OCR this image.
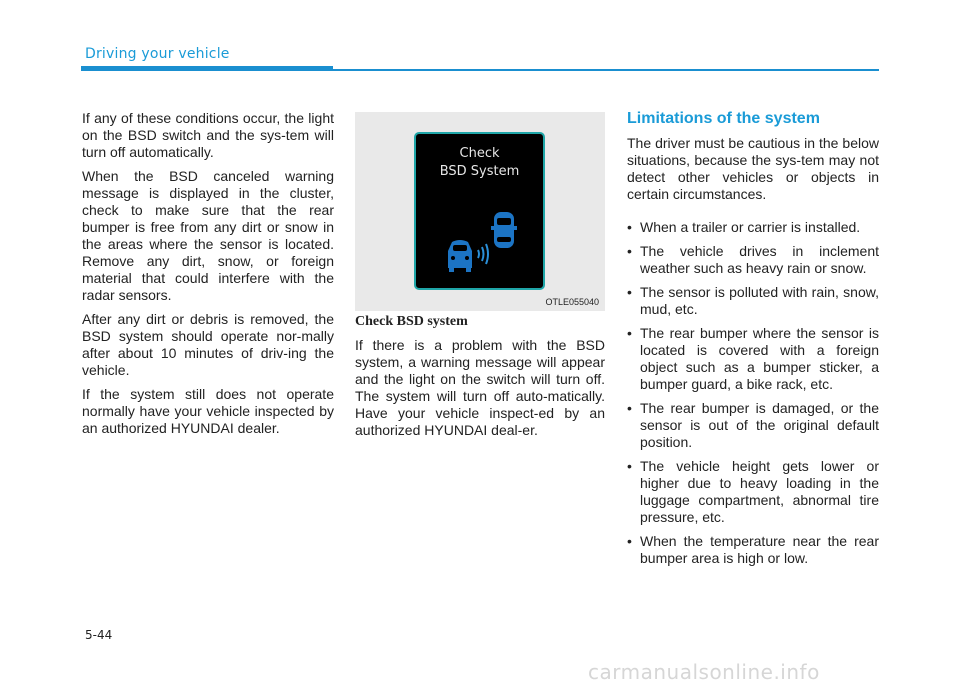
Driving your vehicle

If any of these conditions occur, the light on the BSD switch and the sys-tem will turn off automatically.

When the BSD canceled warning message is displayed in the cluster, check to make sure that the rear bumper is free from any dirt or snow in the areas where the sensor is located. Remove any dirt, snow, or foreign material that could interfere with the radar sensors.

After any dirt or debris is removed, the BSD system should operate nor-mally after about 10 minutes of driv-ing the vehicle.

If the system still does not operate normally have your vehicle inspected by an authorized HYUNDAI dealer.

Check
BSD System
OTLE055040

Check BSD system

If there is a problem with the BSD system, a warning message will appear and the light on the switch will turn off. The system will turn off auto-matically. Have your vehicle inspect-ed by an authorized HYUNDAI deal-er.

Limitations of the system

The driver must be cautious in the below situations, because the sys-tem may not detect other vehicles or objects in certain circumstances.

• When a trailer or carrier is installed.
• The vehicle drives in inclement weather such as heavy rain or snow.
• The sensor is polluted with rain, snow, mud, etc.
• The rear bumper where the sensor is located is covered with a foreign object such as a bumper sticker, a bumper guard, a bike rack, etc.
• The rear bumper is damaged, or the sensor is out of the original default position.
• The vehicle height gets lower or higher due to heavy loading in the luggage compartment, abnormal tire pressure, etc.
• When the temperature near the rear bumper area is high or low.
5-44
carmanualsonline.info
